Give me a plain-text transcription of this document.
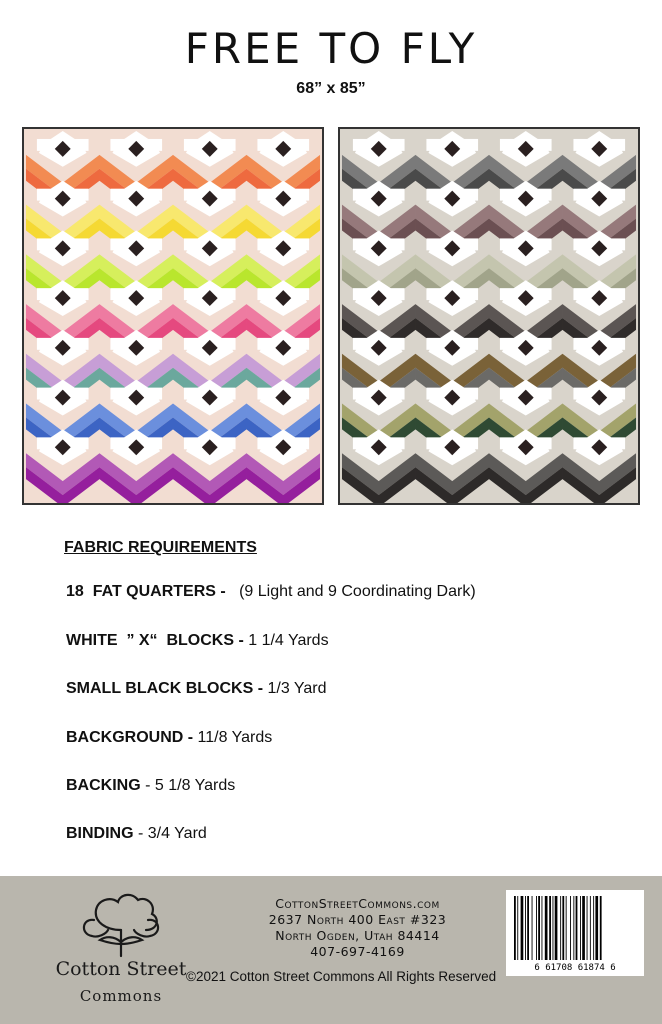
FREE TO FLY
68” x 85”
FABRIC REQUIREMENTS
18  FAT QUARTERS -   (9 Light and 9 Coordinating Dark)
WHITE  ” X“  BLOCKS - 1 1/4 Yards
SMALL BLACK BLOCKS - 1/3 Yard
BACKGROUND - 11/8 Yards
BACKING - 5 1/8 Yards
BINDING - 3/4 Yard
Cotton Street
Commons
CottonStreetCommons.com
2637 North 400 East #323
North Ogden, Utah 84414
407-697-4169
©2021 Cotton Street Commons All Rights Reserved
6 61708 61874 6
